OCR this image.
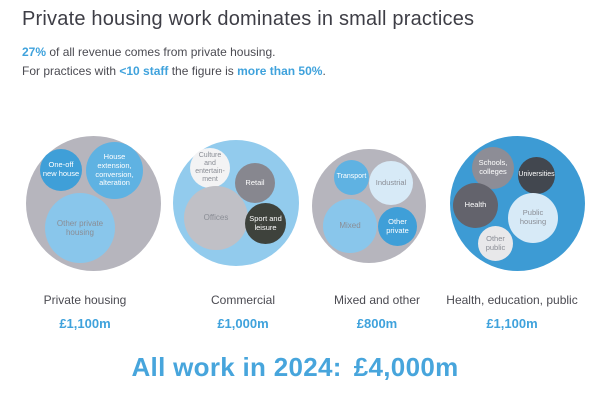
Private housing work dominates in small practices

27% of all revenue comes from private housing.

For practices with <10 staff the figure is more than 50%.

One-off new house
House extension, conversion, alteration
Other private housing
Culture and entertain-ment	Retail
Offices	Sport and leisure
Transport
Industrial
Mixed
Other private
Schools, colleges	Universities
Health
Public housing
Other public
Private housing
£1,100m
Commercial
£1,000m
Mixed and other
£800m
Health, education, public
£1,100m
All work in 2024: £4,000m
